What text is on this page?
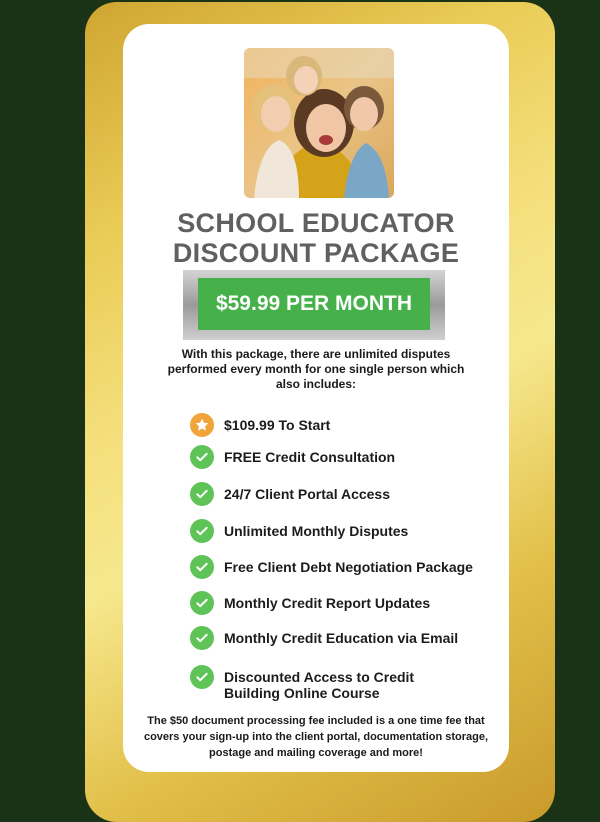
SCHOOL EDUCATOR
DISCOUNT PACKAGE
$59.99 PER MONTH
With this package, there are unlimited disputes performed every month for one single person which also includes:
$109.99 To Start
FREE Credit Consultation
24/7 Client Portal Access
Unlimited Monthly Disputes
Free Client Debt Negotiation Package
Monthly Credit Report Updates
Monthly Credit Education via Email
Discounted Access to Credit Building Online Course
The $50 document processing fee included is a one time fee that covers your sign-up into the client portal, documentation storage, postage and mailing coverage and more!
